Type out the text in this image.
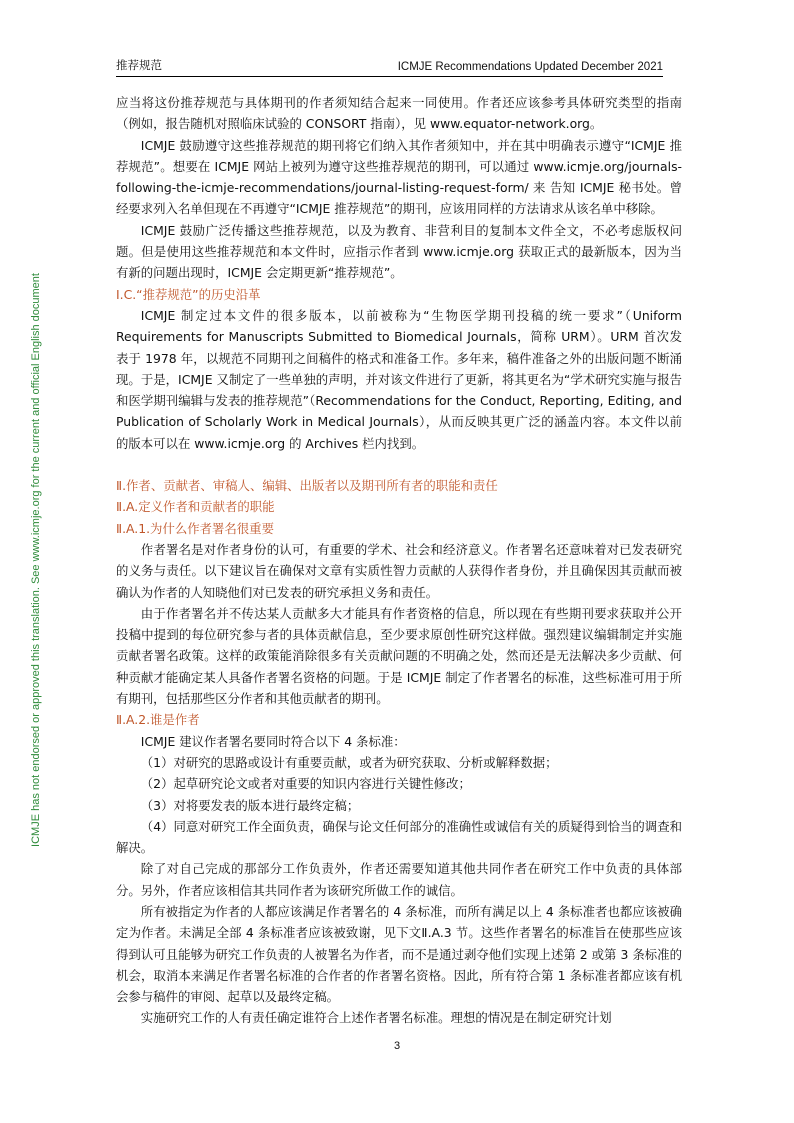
ICMJE has not endorsed or approved this translation. See www.icmje.org for the current and official English document
推荐规范	ICMJE Recommendations Updated December 2021

应当将这份推荐规范与具体期刊的作者须知结合起来一同使用。作者还应该参考具体研究类型的指南（例如，报告随机对照临床试验的 CONSORT 指南），见 www.equator-network.org。

ICMJE 鼓励遵守这些推荐规范的期刊将它们纳入其作者须知中，并在其中明确表示遵守“ICMJE 推荐规范”。想要在 ICMJE 网站上被列为遵守这些推荐规范的期刊，可以通过 www.icmje.org/journals-following-the-icmje-recommendations/journal-listing-request-form/ 来 告知 ICMJE 秘书处。曾经要求列入名单但现在不再遵守“ICMJE 推荐规范”的期刊，应该用同样的方法请求从该名单中移除。

ICMJE 鼓励广泛传播这些推荐规范，以及为教育、非营利目的复制本文件全文，不必考虑版权问题。但是使用这些推荐规范和本文件时，应指示作者到 www.icmje.org 获取正式的最新版本，因为当有新的问题出现时，ICMJE 会定期更新“推荐规范”。

Ⅰ.C.“推荐规范”的历史沿革

ICMJE 制定过本文件的很多版本，以前被称为“生物医学期刊投稿的统一要求”（Uniform Requirements for Manuscripts Submitted to Biomedical Journals，简称 URM）。URM 首次发表于 1978 年，以规范不同期刊之间稿件的格式和准备工作。多年来，稿件准备之外的出版问题不断涌现。于是，ICMJE 又制定了一些单独的声明，并对该文件进行了更新，将其更名为“学术研究实施与报告和医学期刊编辑与发表的推荐规范”（Recommendations for the Conduct, Reporting, Editing, and Publication of Scholarly Work in Medical Journals），从而反映其更广泛的涵盖内容。本文件以前的版本可以在 www.icmje.org 的 Archives 栏内找到。

Ⅱ.作者、贡献者、审稿人、编辑、出版者以及期刊所有者的职能和责任

Ⅱ.A.定义作者和贡献者的职能

Ⅱ.A.1.为什么作者署名很重要

作者署名是对作者身份的认可，有重要的学术、社会和经济意义。作者署名还意味着对已发表研究的义务与责任。以下建议旨在确保对文章有实质性智力贡献的人获得作者身份，并且确保因其贡献而被确认为作者的人知晓他们对已发表的研究承担义务和责任。

由于作者署名并不传达某人贡献多大才能具有作者资格的信息，所以现在有些期刊要求获取并公开投稿中提到的每位研究参与者的具体贡献信息，至少要求原创性研究这样做。强烈建议编辑制定并实施贡献者署名政策。这样的政策能消除很多有关贡献问题的不明确之处，然而还是无法解决多少贡献、何种贡献才能确定某人具备作者署名资格的问题。于是 ICMJE 制定了作者署名的标准，这些标准可用于所有期刊，包括那些区分作者和其他贡献者的期刊。

Ⅱ.A.2.谁是作者

ICMJE 建议作者署名要同时符合以下 4 条标准：

（1）对研究的思路或设计有重要贡献，或者为研究获取、分析或解释数据；

（2）起草研究论文或者对重要的知识内容进行关键性修改；

（3）对将要发表的版本进行最终定稿；

（4）同意对研究工作全面负责，确保与论文任何部分的准确性或诚信有关的质疑得到恰当的调查和解决。

除了对自己完成的那部分工作负责外，作者还需要知道其他共同作者在研究工作中负责的具体部分。另外，作者应该相信其共同作者为该研究所做工作的诚信。

所有被指定为作者的人都应该满足作者署名的 4 条标准，而所有满足以上 4 条标准者也都应该被确定为作者。未满足全部 4 条标准者应该被致谢，见下文Ⅱ.A.3 节。这些作者署名的标准旨在使那些应该得到认可且能够为研究工作负责的人被署名为作者，而不是通过剥夺他们实现上述第 2 或第 3 条标准的机会，取消本来满足作者署名标准的合作者的作者署名资格。因此，所有符合第 1 条标准者都应该有机会参与稿件的审阅、起草以及最终定稿。

实施研究工作的人有责任确定谁符合上述作者署名标准。理想的情况是在制定研究计划

3
